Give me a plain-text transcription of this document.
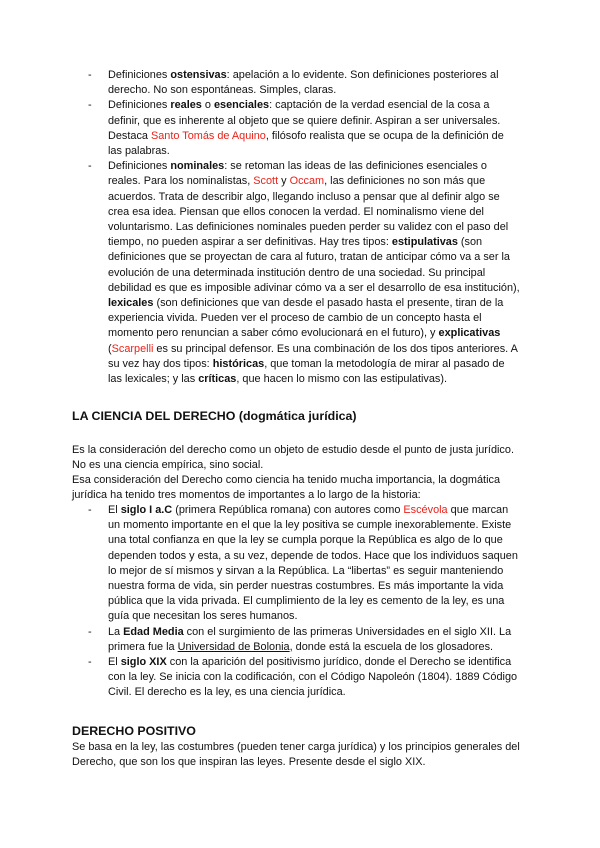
- Definiciones ostensivas: apelación a lo evidente. Son definiciones posteriores al derecho. No son espontáneas. Simples, claras.
- Definiciones reales o esenciales: captación de la verdad esencial de la cosa a definir, que es inherente al objeto que se quiere definir. Aspiran a ser universales. Destaca Santo Tomás de Aquino, filósofo realista que se ocupa de la definición de las palabras.
- Definiciones nominales: se retoman las ideas de las definiciones esenciales o reales. Para los nominalistas, Scott y Occam, las definiciones no son más que acuerdos. Trata de describir algo, llegando incluso a pensar que al definir algo se crea esa idea. Piensan que ellos conocen la verdad. El nominalismo viene del voluntarismo. Las definiciones nominales pueden perder su validez con el paso del tiempo, no pueden aspirar a ser definitivas. Hay tres tipos: estipulativas (son definiciones que se proyectan de cara al futuro, tratan de anticipar cómo va a ser la evolución de una determinada institución dentro de una sociedad. Su principal debilidad es que es imposible adivinar cómo va a ser el desarrollo de esa institución), lexicales (son definiciones que van desde el pasado hasta el presente, tiran de la experiencia vivida. Pueden ver el proceso de cambio de un concepto hasta el momento pero renuncian a saber cómo evolucionará en el futuro), y explicativas (Scarpelli es su principal defensor. Es una combinación de los dos tipos anteriores. A su vez hay dos tipos: históricas, que toman la metodología de mirar al pasado de las lexicales; y las críticas, que hacen lo mismo con las estipulativas).
LA CIENCIA DEL DERECHO (dogmática jurídica)

Es la consideración del derecho como un objeto de estudio desde el punto de justa jurídico. No es una ciencia empírica, sino social.

Esa consideración del Derecho como ciencia ha tenido mucha importancia, la dogmática jurídica ha tenido tres momentos de importantes a lo largo de la historia:

- El siglo I a.C (primera República romana) con autores como Escévola que marcan un momento importante en el que la ley positiva se cumple inexorablemente. Existe una total confianza en que la ley se cumpla porque la República es algo de lo que dependen todos y esta, a su vez, depende de todos. Hace que los individuos saquen lo mejor de sí mismos y sirvan a la República. La “libertas” es seguir manteniendo nuestra forma de vida, sin perder nuestras costumbres. Es más importante la vida pública que la vida privada. El cumplimiento de la ley es cemento de la ley, es una guía que necesitan los seres humanos.
- La Edad Media con el surgimiento de las primeras Universidades en el siglo XII. La primera fue la Universidad de Bolonia, donde está la escuela de los glosadores.
- El siglo XIX con la aparición del positivismo jurídico, donde el Derecho se identifica con la ley. Se inicia con la codificación, con el Código Napoleón (1804). 1889 Código Civil. El derecho es la ley, es una ciencia jurídica.
DERECHO POSITIVO

Se basa en la ley, las costumbres (pueden tener carga jurídica) y los principios generales del Derecho, que son los que inspiran las leyes. Presente desde el siglo XIX.
